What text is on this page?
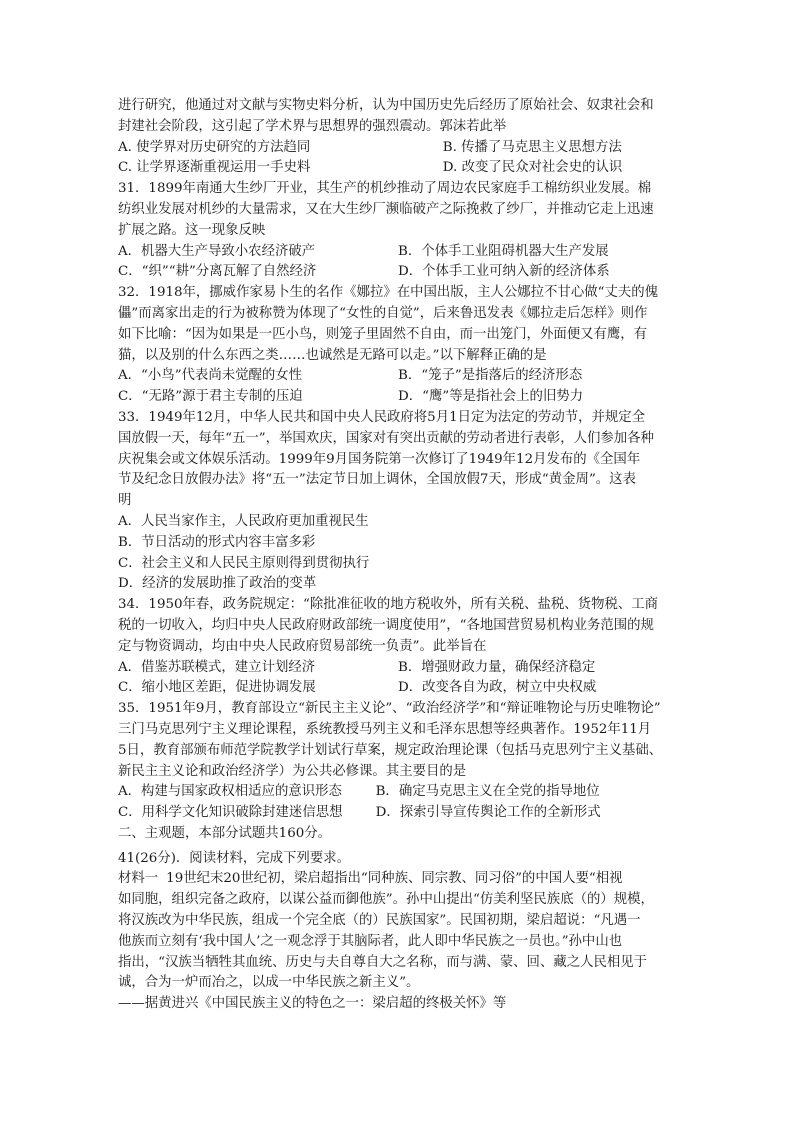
进行研究，他通过对文献与实物史料分析，认为中国历史先后经历了原始社会、奴隶社会和

封建社会阶段，这引起了学术界与思想界的强烈震动。郭沫若此举

A. 使学界对历史研究的方法趋同	B. 传播了马克思主义思想方法
C. 让学界逐渐重视运用一手史料	D. 改变了民众对社会史的认识

31．1899年南通大生纱厂开业，其生产的机纱推动了周边农民家庭手工棉纺织业发展。棉

纺织业发展对机纱的大量需求，又在大生纱厂濒临破产之际挽救了纱厂，并推动它走上迅速

扩展之路。这一现象反映

A．机器大生产导致小农经济破产	B．个体手工业阻碍机器大生产发展
C．“织”“耕”分离瓦解了自然经济	D．个体手工业可纳入新的经济体系

32．1918年，挪威作家易卜生的名作《娜拉》在中国出版，主人公娜拉不甘心做“丈夫的傀

儡”而离家出走的行为被称赞为体现了“女性的自觉”，后来鲁迅发表《娜拉走后怎样》则作

如下比喻：“因为如果是一匹小鸟，则笼子里固然不自由，而一出笼门，外面便又有鹰，有

猫，以及别的什么东西之类……也诚然是无路可以走。”以下解释正确的是

A．“小鸟”代表尚未觉醒的女性	B．“笼子”是指落后的经济形态
C．“无路”源于君主专制的压迫	D．“鹰”等是指社会上的旧势力

33．1949年12月，中华人民共和国中央人民政府将5月1日定为法定的劳动节，并规定全

国放假一天，每年“五一”，举国欢庆，国家对有突出贡献的劳动者进行表彰，人们参加各种

庆祝集会或文体娱乐活动。1999年9月国务院第一次修订了1949年12月发布的《全国年

节及纪念日放假办法》将“五一”法定节日加上调休，全国放假7天，形成“黄金周”。这表

明

A．人民当家作主，人民政府更加重视民生
B．节日活动的形式内容丰富多彩
C．社会主义和人民民主原则得到贯彻执行
D．经济的发展助推了政治的变革

34．1950年春，政务院规定：“除批准征收的地方税收外，所有关税、盐税、货物税、工商

税的一切收入，均归中央人民政府财政部统一调度使用”，“各地国营贸易机构业务范围的规

定与物资调动，均由中央人民政府贸易部统一负责”。此举旨在

A．借鉴苏联模式，建立计划经济	B．增强财政力量，确保经济稳定
C．缩小地区差距，促进协调发展	D．改变各自为政，树立中央权威

35．1951年9月，教育部设立“新民主主义论”、“政治经济学”和“辩证唯物论与历史唯物论”

三门马克思列宁主义理论课程，系统教授马列主义和毛泽东思想等经典著作。1952年11月

5日，教育部颁布师范学院教学计划试行草案，规定政治理论课（包括马克思列宁主义基础、

新民主主义论和政治经济学）为公共必修课。其主要目的是

A．构建与国家政权相适应的意识形态	B．确定马克思主义在全党的指导地位
C．用科学文化知识破除封建迷信思想	D．探索引导宣传舆论工作的全新形式

二、主观题，本部分试题共160分。

41(26分)．阅读材料，完成下列要求。

材料一 19世纪末20世纪初，梁启超指出“同种族、同宗教、同习俗”的中国人要“相视

如同胞，组织完备之政府，以谋公益而御他族”。孙中山提出“仿美利坚民族底（的）规模，

将汉族改为中华民族，组成一个完全底（的）民族国家”。民国初期，梁启超说：“凡遇一

他族而立刻有‘我中国人’之一观念浮于其脑际者，此人即中华民族之一员也。”孙中山也

指出，“汉族当牺牲其血统、历史与夫自尊自大之名称，而与满、蒙、回、藏之人民相见于

诚，合为一炉而冶之，以成一中华民族之新主义”。

——据黄进兴《中国民族主义的特色之一：梁启超的终极关怀》等
